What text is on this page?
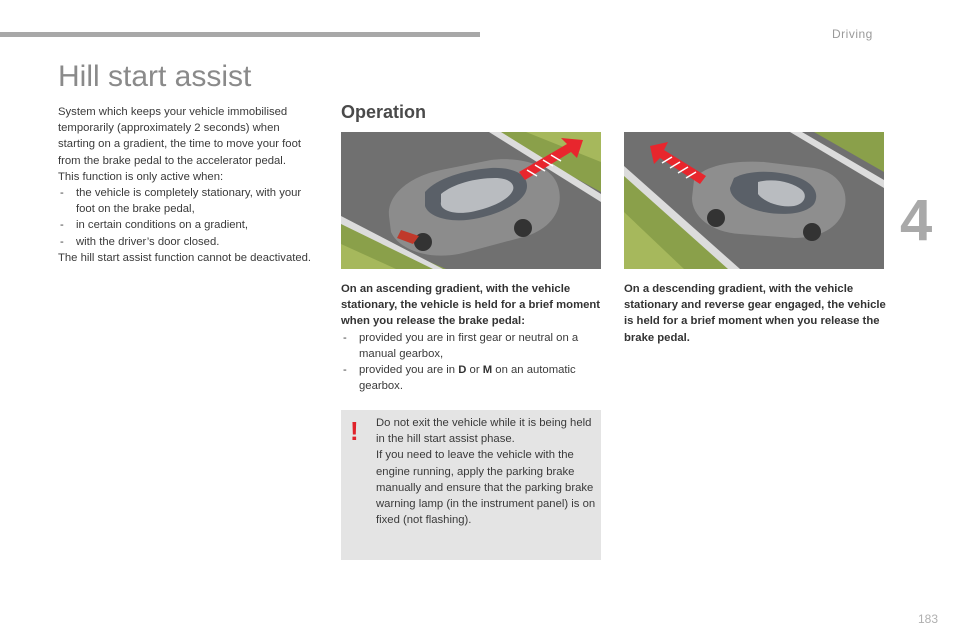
Driving
4
Hill start assist

System which keeps your vehicle immobilised temporarily (approximately 2 seconds) when starting on a gradient, the time to move your foot from the brake pedal to the accelerator pedal.

This function is only active when:

- the vehicle is completely stationary, with your foot on the brake pedal,
- in certain conditions on a gradient,
- with the driver’s door closed.

The hill start assist function cannot be deactivated.

Operation

On an ascending gradient, with the vehicle stationary, the vehicle is held for a brief moment when you release the brake pedal:

- provided you are in first gear or neutral on a manual gearbox,
- provided you are in D or M on an automatic gearbox.

On a descending gradient, with the vehicle stationary and reverse gear engaged, the vehicle is held for a brief moment when you release the brake pedal.

! Do not exit the vehicle while it is being held in the hill start assist phase.

If you need to leave the vehicle with the engine running, apply the parking brake manually and ensure that the parking brake warning lamp (in the instrument panel) is on fixed (not flashing).

183
